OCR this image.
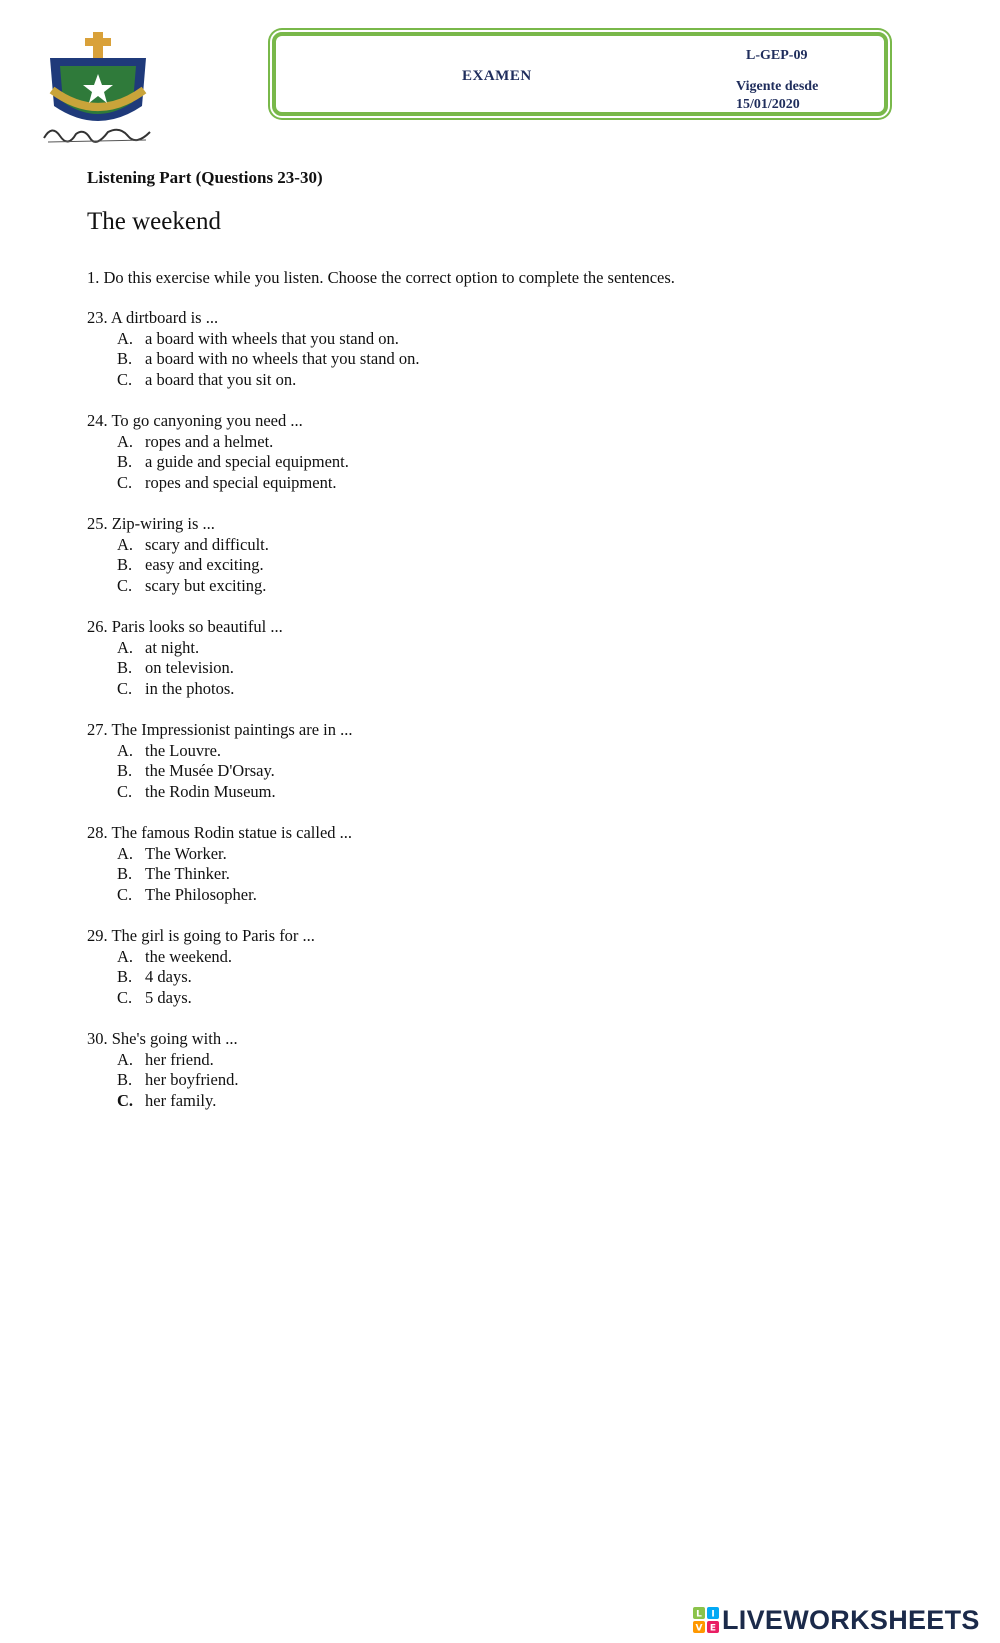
EXAMEN
L-GEP-09
Vigente desde
15/01/2020
Listening Part (Questions 23-30)
The weekend
1. Do this exercise while you listen. Choose the correct option to complete the sentences.
23. A dirtboard is ...
A. a board with wheels that you stand on.
B. a board with no wheels that you stand on.
C. a board that you sit on.
24. To go canyoning you need ...
A. ropes and a helmet.
B. a guide and special equipment.
C. ropes and special equipment.
25. Zip-wiring is ...
A. scary and difficult.
B. easy and exciting.
C. scary but exciting.
26. Paris looks so beautiful ...
A. at night.
B. on television.
C. in the photos.
27. The Impressionist paintings are in ...
A. the Louvre.
B. the Musée D'Orsay.
C. the Rodin Museum.
28. The famous Rodin statue is called ...
A. The Worker.
B. The Thinker.
C. The Philosopher.
29. The girl is going to Paris for ...
A. the weekend.
B. 4 days.
C. 5 days.
30. She's going with ...
A. her friend.
B. her boyfriend.
C. her family.
L I
V E LIVEWORKSHEETS
